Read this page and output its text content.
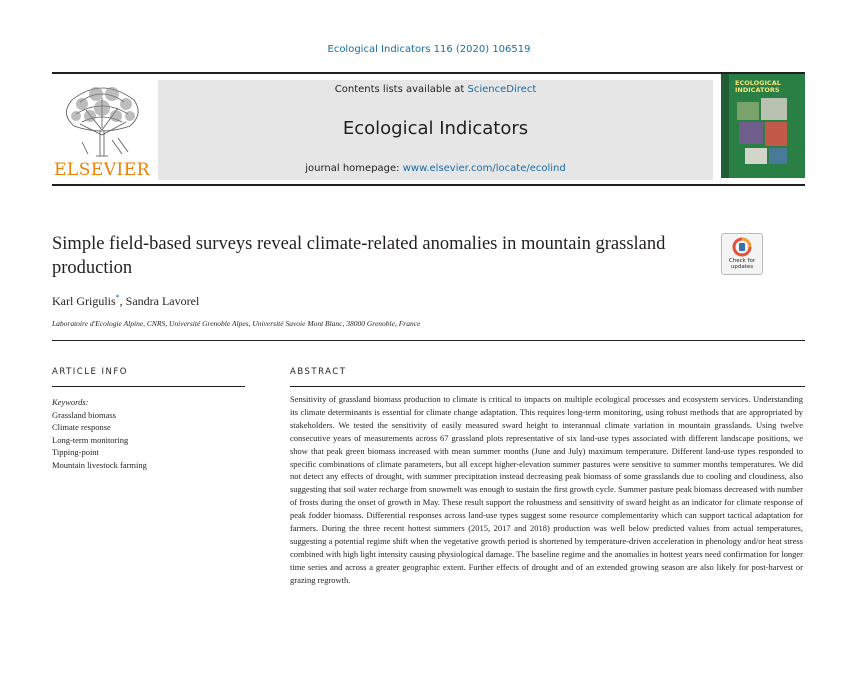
Ecological Indicators 116 (2020) 106519
ELSEVIER
Contents lists available at ScienceDirect
Ecological Indicators
journal homepage: www.elsevier.com/locate/ecolind
ECOLOGICAL
INDICATORS
Simple field-based surveys reveal climate-related anomalies in mountain grassland production	Check for
updates
Karl Grigulis*, Sandra Lavorel
Laboratoire d'Ecologie Alpine, CNRS, Université Grenoble Alpes, Université Savoie Mont Blanc, 38000 Grenoble, France
ARTICLE INFO	ABSTRACT
Keywords:
Grassland biomass
Climate response
Long-term monitoring
Tipping-point
Mountain livestock farming
Sensitivity of grassland biomass production to climate is critical to impacts on multiple ecological processes and ecosystem services. Understanding its climate determinants is essential for climate change adaptation. This requires long-term monitoring, using robust methods that are appropriated by stakeholders. We tested the sensitivity of easily measured sward height to interannual climate variation in mountain grasslands. Using twelve consecutive years of measurements across 67 grassland plots representative of six land-use types associated with different landscape positions, we show that peak green biomass increased with mean summer months (June and July) maximum temperature. Different land-use types responded to specific combinations of climate parameters, but all except higher-elevation summer pastures were sensitive to summer months temperatures. We did not detect any effects of drought, with summer precipitation instead decreasing peak biomass of some grasslands due to cooling and cloudiness, also suggesting that soil water recharge from snowmelt was enough to sustain the first growth cycle. Summer pasture peak biomass decreased with number of frosts during the onset of growth in May. These result support the robustness and sensitivity of sward height as an indicator for climate response of peak fodder biomass. Differential responses across land-use types suggest some resource complementarity which can support tactical adaptation for farmers. During the three recent hottest summers (2015, 2017 and 2018) production was well below predicted values from actual temperatures, suggesting a potential regime shift when the vegetative growth period is shortened by temperature-driven acceleration in phenology and/or heat stress combined with high light intensity causing physiological damage. The baseline regime and the anomalies in hottest years need confirmation for longer time series and across a greater geographic extent. Further effects of drought and of an extended growing season are also likely for post-harvest or grazing regrowth.
